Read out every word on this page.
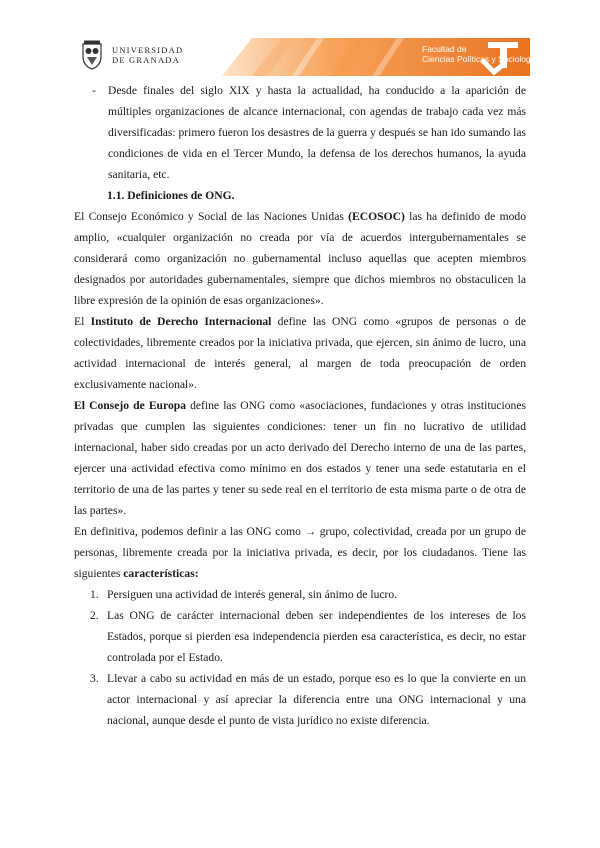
UNIVERSIDAD
DE GRANADA
Facultad de
Ciencias Políticas y Sociología

- Desde finales del siglo XIX y hasta la actualidad, ha conducido a la aparición de múltiples organizaciones de alcance internacional, con agendas de trabajo cada vez más diversificadas: primero fueron los desastres de la guerra y después se han ido sumando las condiciones de vida en el Tercer Mundo, la defensa de los derechos humanos, la ayuda sanitaria, etc.

1.1. Definiciones de ONG.

El Consejo Económico y Social de las Naciones Unidas (ECOSOC) las ha definido de modo amplio, «cualquier organización no creada por vía de acuerdos intergubernamentales se considerará como organización no gubernamental incluso aquellas que acepten miembros designados por autoridades gubernamentales, siempre que dichos miembros no obstaculicen la libre expresión de la opinión de esas organizaciones».

El Instituto de Derecho Internacional define las ONG como «grupos de personas o de colectividades, libremente creados por la iniciativa privada, que ejercen, sin ánimo de lucro, una actividad internacional de interés general, al margen de toda preocupación de orden exclusivamente nacional».

El Consejo de Europa define las ONG como «asociaciones, fundaciones y otras instituciones privadas que cumplen las siguientes condiciones: tener un fin no lucrativo de utilidad internacional, haber sido creadas por un acto derivado del Derecho interno de una de las partes, ejercer una actividad efectiva como mínimo en dos estados y tener una sede estatutaria en el territorio de una de las partes y tener su sede real en el territorio de esta misma parte o de otra de las partes».

En definitiva, podemos definir a las ONG como → grupo, colectividad, creada por un grupo de personas, libremente creada por la iniciativa privada, es decir, por los ciudadanos. Tiene las siguientes características:

1. Persiguen una actividad de interés general, sin ánimo de lucro.
2. Las ONG de carácter internacional deben ser independientes de los intereses de los Estados, porque si pierden esa independencia pierden esa característica, es decir, no estar controlada por el Estado.
3. Llevar a cabo su actividad en más de un estado, porque eso es lo que la convierte en un actor internacional y así apreciar la diferencia entre una ONG internacional y una nacional, aunque desde el punto de vista jurídico no existe diferencia.
